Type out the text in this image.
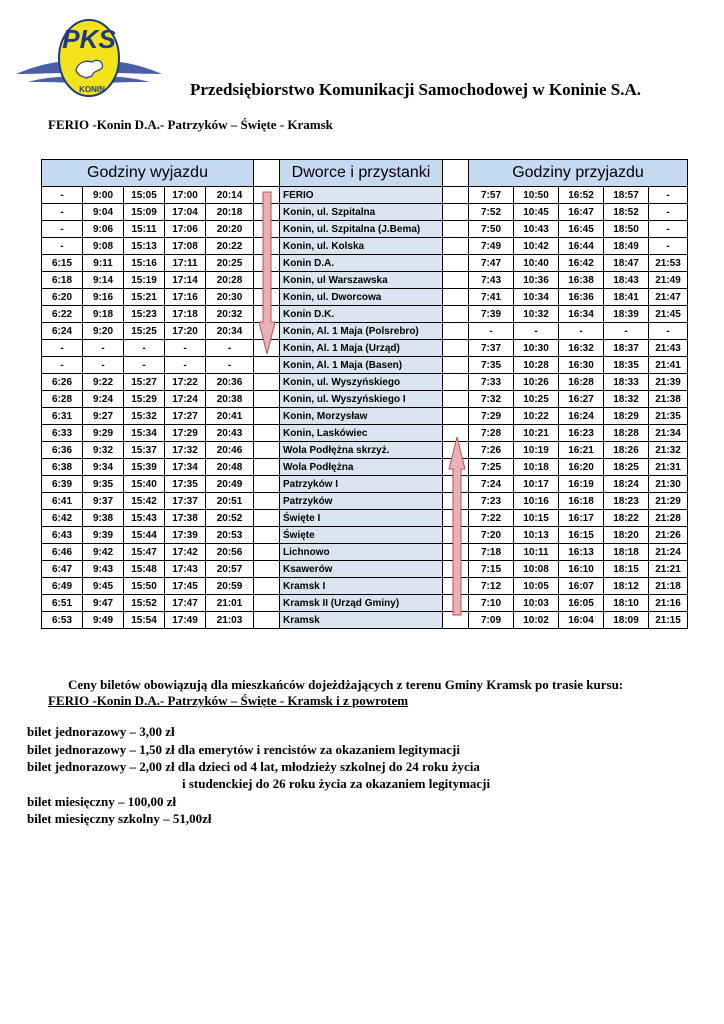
PKS
KONIN	Przedsiębiorstwo Komunikacji Samochodowej w Koninie S.A.
FERIO -Konin D.A.- Patrzyków – Święte - Kramsk
Godziny wyjazdu						Dworce i przystanki		Godziny przyjazdu				
-	9:00	15:05	17:00	20:14		FERIO		7:57	10:50	16:52	18:57	-
-	9:04	15:09	17:04	20:18		Konin, ul. Szpitalna		7:52	10:45	16:47	18:52	-
-	9:06	15:11	17:06	20:20		Konin, ul. Szpitalna (J.Bema)		7:50	10:43	16:45	18:50	-
-	9:08	15:13	17:08	20:22		Konin, ul. Kolska		7:49	10:42	16:44	18:49	-
6:15	9:11	15:16	17:11	20:25		Konin D.A.		7:47	10:40	16:42	18:47	21:53
6:18	9:14	15:19	17:14	20:28		Konin, ul Warszawska		7:43	10:36	16:38	18:43	21:49
6:20	9:16	15:21	17:16	20:30		Konin, ul. Dworcowa		7:41	10:34	16:36	18:41	21:47
6:22	9:18	15:23	17:18	20:32		Konin D.K.		7:39	10:32	16:34	18:39	21:45
6:24	9:20	15:25	17:20	20:34		Konin, Al. 1 Maja (Polsrebro)		-	-	-	-	-
-	-	-	-	-		Konin, Al. 1 Maja (Urząd)		7:37	10:30	16:32	18:37	21:43
-	-	-	-	-		Konin, Al. 1 Maja (Basen)		7:35	10:28	16:30	18:35	21:41
6:26	9:22	15:27	17:22	20:36		Konin, ul. Wyszyńskiego		7:33	10:26	16:28	18:33	21:39
6:28	9:24	15:29	17:24	20:38		Konin, ul. Wyszyńskiego I		7:32	10:25	16:27	18:32	21:38
6:31	9:27	15:32	17:27	20:41		Konin, Morzysław		7:29	10:22	16:24	18:29	21:35
6:33	9:29	15:34	17:29	20:43		Konin, Laskówiec		7:28	10:21	16:23	18:28	21:34
6:36	9:32	15:37	17:32	20:46		Wola Podłężna skrzyż.		7:26	10:19	16:21	18:26	21:32
6:38	9:34	15:39	17:34	20:48		Wola Podłężna		7:25	10:18	16:20	18:25	21:31
6:39	9:35	15:40	17:35	20:49		Patrzyków I		7:24	10:17	16:19	18:24	21:30
6:41	9:37	15:42	17:37	20:51		Patrzyków		7:23	10:16	16:18	18:23	21:29
6:42	9:38	15:43	17:38	20:52		Święte I		7:22	10:15	16:17	18:22	21:28
6:43	9:39	15:44	17:39	20:53		Święte		7:20	10:13	16:15	18:20	21:26
6:46	9:42	15:47	17:42	20:56		Lichnowo		7:18	10:11	16:13	18:18	21:24
6:47	9:43	15:48	17:43	20:57		Ksawerów		7:15	10:08	16:10	18:15	21:21
6:49	9:45	15:50	17:45	20:59		Kramsk I		7:12	10:05	16:07	18:12	21:18
6:51	9:47	15:52	17:47	21:01		Kramsk II (Urząd Gminy)		7:10	10:03	16:05	18:10	21:16
6:53	9:49	15:54	17:49	21:03		Kramsk		7:09	10:02	16:04	18:09	21:15
Ceny biletów obowiązują dla mieszkańców dojeżdżających z terenu Gminy Kramsk po trasie kursu:
FERIO -Konin D.A.- Patrzyków – Święte - Kramsk i z powrotem
bilet jednorazowy – 3,00 zł
bilet jednorazowy – 1,50 zł dla emerytów i rencistów za okazaniem legitymacji
bilet jednorazowy – 2,00 zł dla dzieci od 4 lat, młodzieży szkolnej do 24 roku życia
i studenckiej do 26 roku życia za okazaniem legitymacji
bilet miesięczny – 100,00 zł
bilet miesięczny szkolny – 51,00zł
